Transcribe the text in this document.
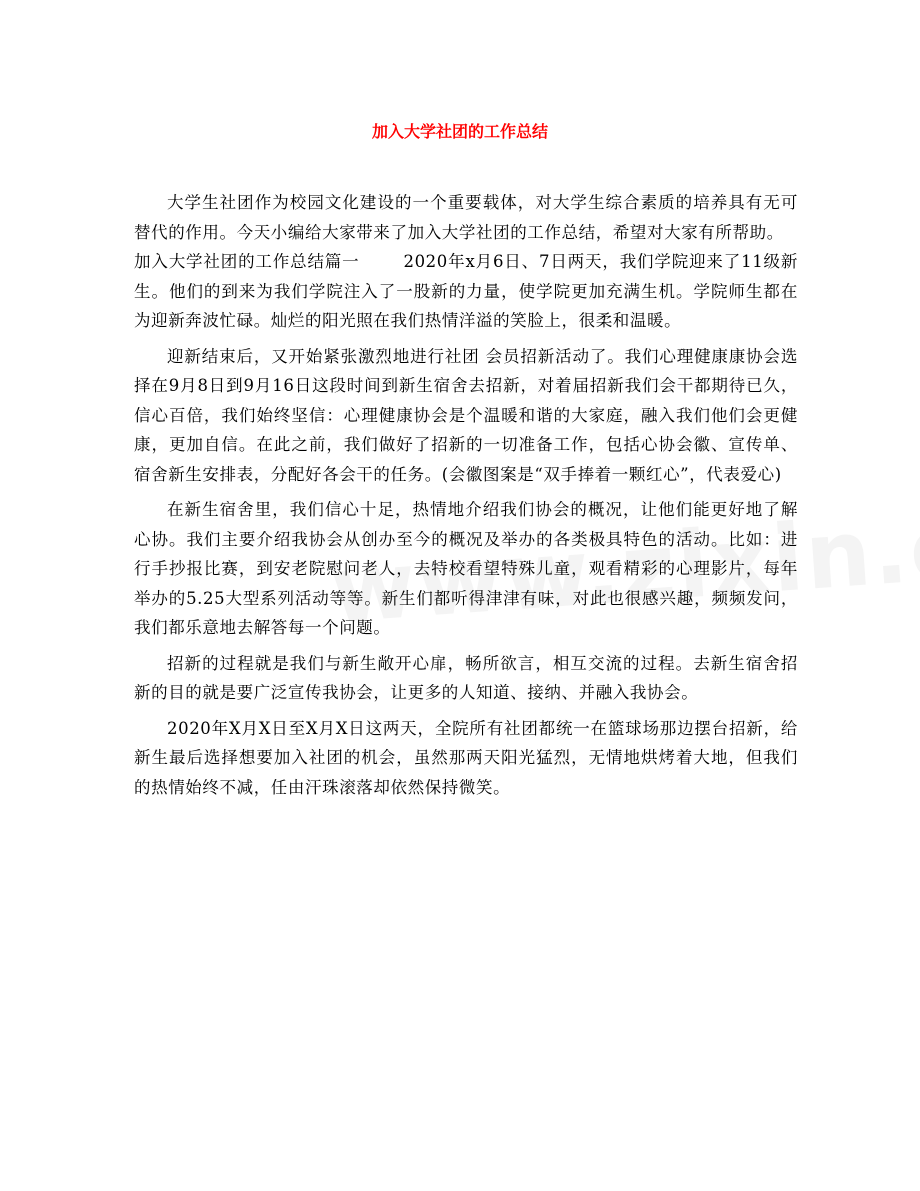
加入大学社团的工作总结

大学生社团作为校园文化建设的一个重要载体，对大学生综合素质的培养具有无可替代的作用。今天小编给大家带来了加入大学社团的工作总结，希望对大家有所帮助。

加入大学社团的工作总结篇一	2020年x月6日、7日两天，我们学院迎来了11级新生。他们的到来为我们学院注入了一股新的力量，使学院更加充满生机。学院师生都在为迎新奔波忙碌。灿烂的阳光照在我们热情洋溢的笑脸上，很柔和温暖。

迎新结束后，又开始紧张激烈地进行社团 会员招新活动了。我们心理健康康协会选择在9月8日到9月16日这段时间到新生宿舍去招新，对着届招新我们会干都期待已久，信心百倍，我们始终坚信：心理健康协会是个温暖和谐的大家庭，融入我们他们会更健康，更加自信。在此之前，我们做好了招新的一切准备工作，包括心协会徽、宣传单、宿舍新生安排表，分配好各会干的任务。(会徽图案是“双手捧着一颗红心”，代表爱心)

在新生宿舍里，我们信心十足，热情地介绍我们协会的概况，让他们能更好地了解心协。我们主要介绍我协会从创办至今的概况及举办的各类极具特色的活动。比如：进行手抄报比赛，到安老院慰问老人，去特校看望特殊儿童，观看精彩的心理影片，每年举办的5.25大型系列活动等等。新生们都听得津津有味，对此也很感兴趣，频频发问，我们都乐意地去解答每一个问题。

招新的过程就是我们与新生敞开心扉，畅所欲言，相互交流的过程。去新生宿舍招新的目的就是要广泛宣传我协会，让更多的人知道、接纳、并融入我协会。

2020年X月X日至X月X日这两天，全院所有社团都统一在篮球场那边摆台招新，给新生最后选择想要加入社团的机会，虽然那两天阳光猛烈，无情地烘烤着大地，但我们的热情始终不减，任由汗珠滚落却依然保持微笑。
